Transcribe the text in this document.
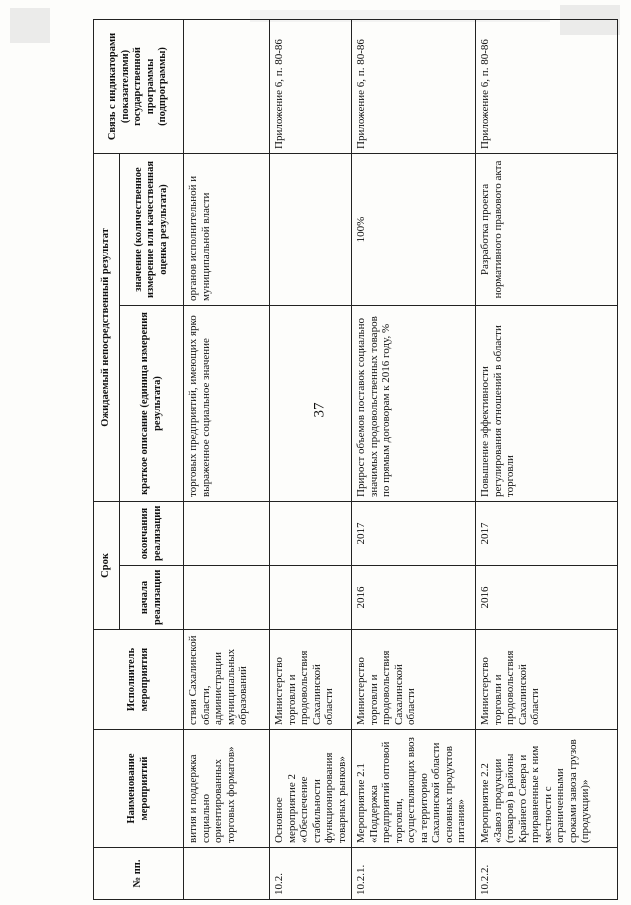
37
№ пп.	Наименование мероприятий	Исполнитель мероприятия	Срок		Ожидаемый непосредственный результат		Связь с индикаторами (показателями) государственной программы (подпрограммы)
			начала реализации	окончания реализации	краткое описание (единица измерения результата)	значение (количественное измерение или качественная оценка результата)	
	вития и поддержка социально ориентированных торговых форматов»	ствия Сахалинской области, администрации муниципальных образований			торговых предприятий, имеющих ярко выраженное социальное значение	органов исполнительной и муниципальной власти	
10.2.	Основное мероприятие 2 «Обеспечение стабильности функционирования товарных рынков»	Министерство торговли и продовольствия Сахалинской области					Приложение 6, п. 80-86
10.2.1.	Мероприятие 2.1 «Поддержка предприятий оптовой торговли, осуществляющих ввоз на территорию Сахалинской области основных продуктов питания»	Министерство торговли и продовольствия Сахалинской области	2016	2017	Прирост объемов поставок социально значимых продовольственных товаров по прямым договорам к 2016 году, %	100%	Приложение 6, п. 80-86
10.2.2.	Мероприятие 2.2 «Завоз продукции (товаров) в районы Крайнего Севера и приравненные к ним местности с ограниченными сроками завоза грузов (продукции)»	Министерство торговли и продовольствия Сахалинской области	2016	2017	Повышение эффективности регулирования отношений в области торговли	Разработка проекта нормативного правового акта	Приложение 6, п. 80-86
